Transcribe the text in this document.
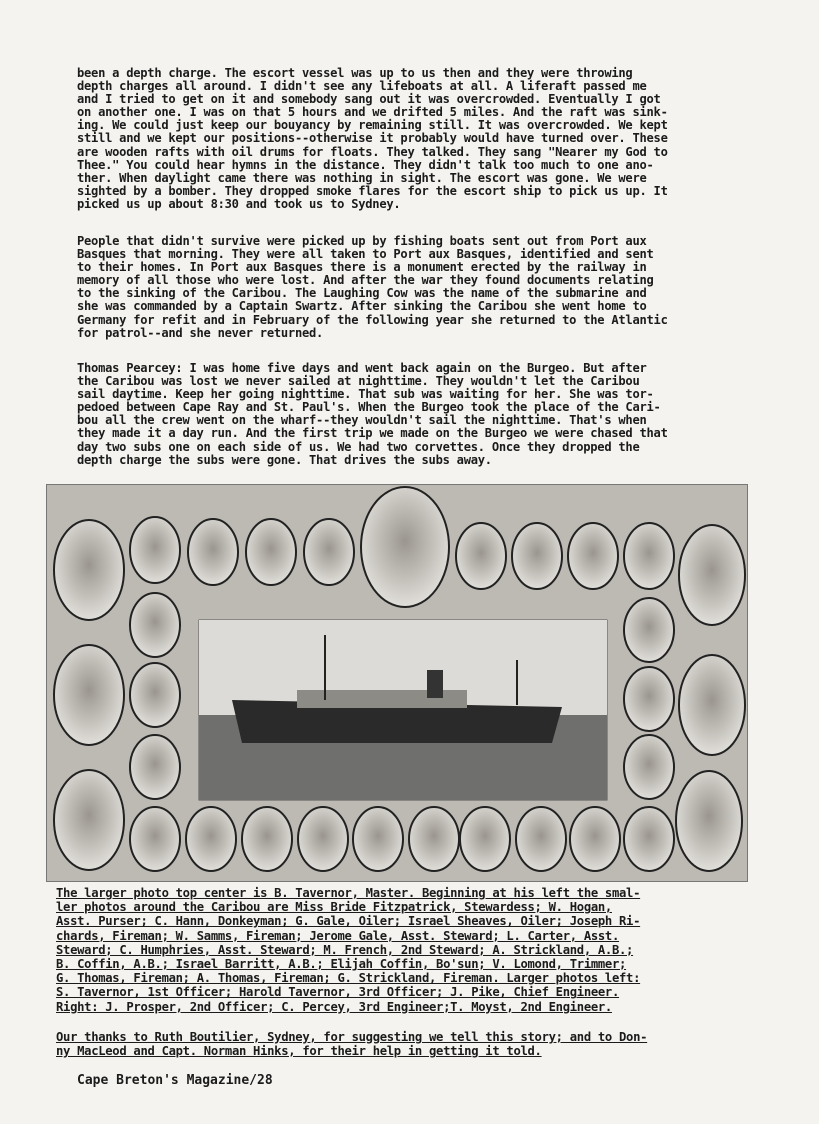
been a depth charge. The escort vessel was up to us then and they were throwing
depth charges all around. I didn't see any lifeboats at all. A liferaft passed me
and I tried to get on it and somebody sang out it was overcrowded. Eventually I got
on another one. I was on that 5 hours and we drifted 5 miles. And the raft was sink-
ing. We could just keep our bouyancy by remaining still. It was overcrowded. We kept
still and we kept our positions--otherwise it probably would have turned over. These
are wooden rafts with oil drums for floats. They talked. They sang "Nearer my God to
Thee." You could hear hymns in the distance. They didn't talk too much to one ano-
ther. When daylight came there was nothing in sight. The escort was gone. We were
sighted by a bomber. They dropped smoke flares for the escort ship to pick us up. It
picked us up about 8:30 and took us to Sydney.

People that didn't survive were picked up by fishing boats sent out from Port aux
Basques that morning. They were all taken to Port aux Basques, identified and sent
to their homes. In Port aux Basques there is a monument erected by the railway in
memory of all those who were lost. And after the war they found documents relating
to the sinking of the Caribou. The Laughing Cow was the name of the submarine and
she was commanded by a Captain Swartz. After sinking the Caribou she went home to
Germany for refit and in February of the following year she returned to the Atlantic
for patrol--and she never returned.

Thomas Pearcey: I was home five days and went back again on the Burgeo. But after
the Caribou was lost we never sailed at nighttime. They wouldn't let the Caribou
sail daytime. Keep her going nighttime. That sub was waiting for her. She was tor-
pedoed between Cape Ray and St. Paul's. When the Burgeo took the place of the Cari-
bou all the crew went on the wharf--they wouldn't sail the nighttime. That's when
they made it a day run. And the first trip we made on the Burgeo we were chased that
day two subs one on each side of us. We had two corvettes. Once they dropped the
depth charge the subs were gone. That drives the subs away.

The larger photo top center is B. Tavernor, Master. Beginning at his left the smal-
ler photos around the Caribou are Miss Bride Fitzpatrick, Stewardess; W. Hogan,
Asst. Purser; C. Hann, Donkeyman; G. Gale, Oiler; Israel Sheaves, Oiler; Joseph Ri-
chards, Fireman; W. Samms, Fireman; Jerome Gale, Asst. Steward; L. Carter, Asst.
Steward; C. Humphries, Asst. Steward; M. French, 2nd Steward; A. Strickland, A.B.;
B. Coffin, A.B.; Israel Barritt, A.B.; Elijah Coffin, Bo'sun; V. Lomond, Trimmer;
G. Thomas, Fireman; A. Thomas, Fireman; G. Strickland, Fireman. Larger photos left:
S. Tavernor, 1st Officer; Harold Tavernor, 3rd Officer; J. Pike, Chief Engineer.
Right: J. Prosper, 2nd Officer; C. Percey, 3rd Engineer;T. Moyst, 2nd Engineer.

Our thanks to Ruth Boutilier, Sydney, for suggesting we tell this story; and to Don-
ny MacLeod and Capt. Norman Hinks, for their help in getting it told.

Cape Breton's Magazine/28
